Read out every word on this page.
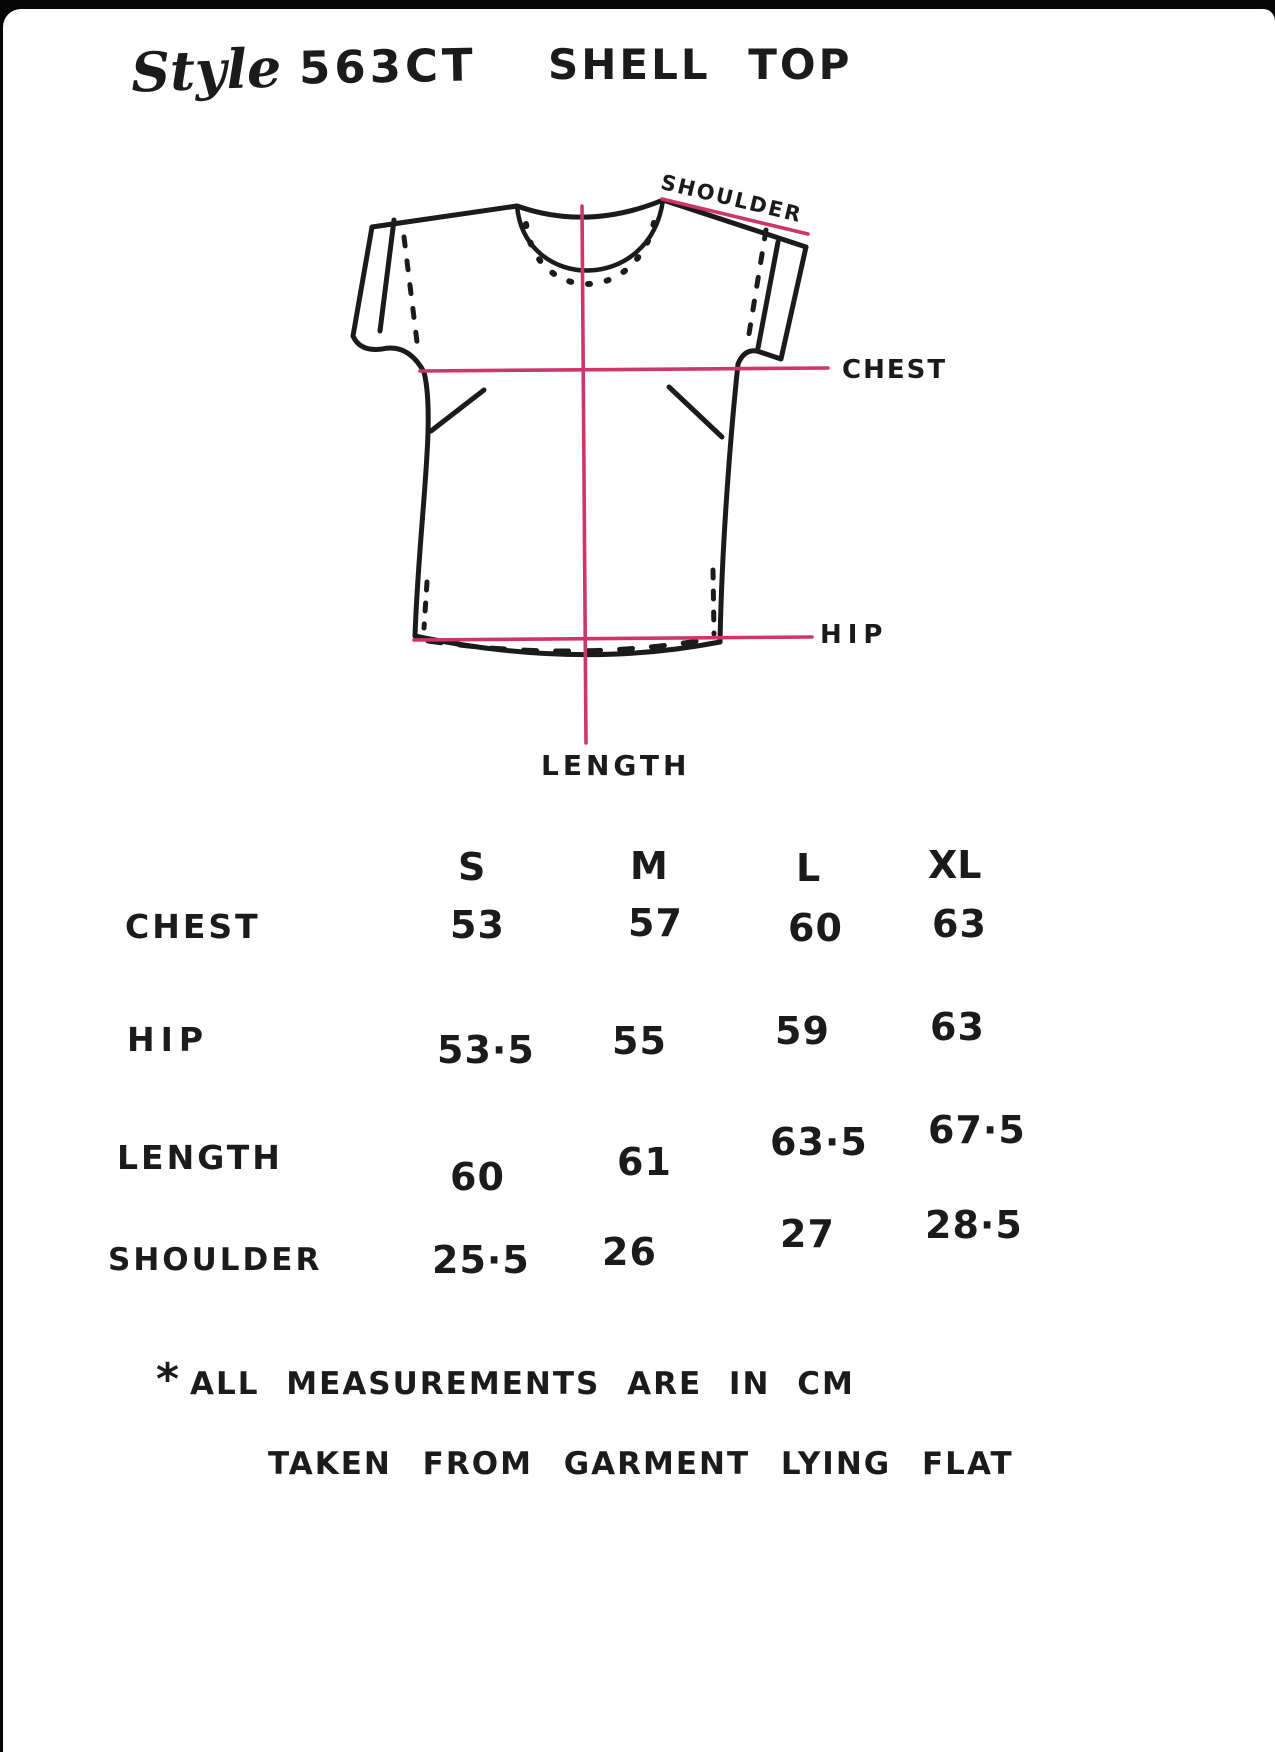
Style 563CT SHELL TOP
SHOULDER
CHEST
HIP
LENGTH
S	M	L	XL
CHEST	53	57	60 63
HIP	53·5 55	59	63
LENGTH	60	61	63·5 67·5
SHOULDER	25·5 26	27 28·5
* ALL MEASUREMENTS ARE IN CM
TAKEN FROM GARMENT LYING FLAT
